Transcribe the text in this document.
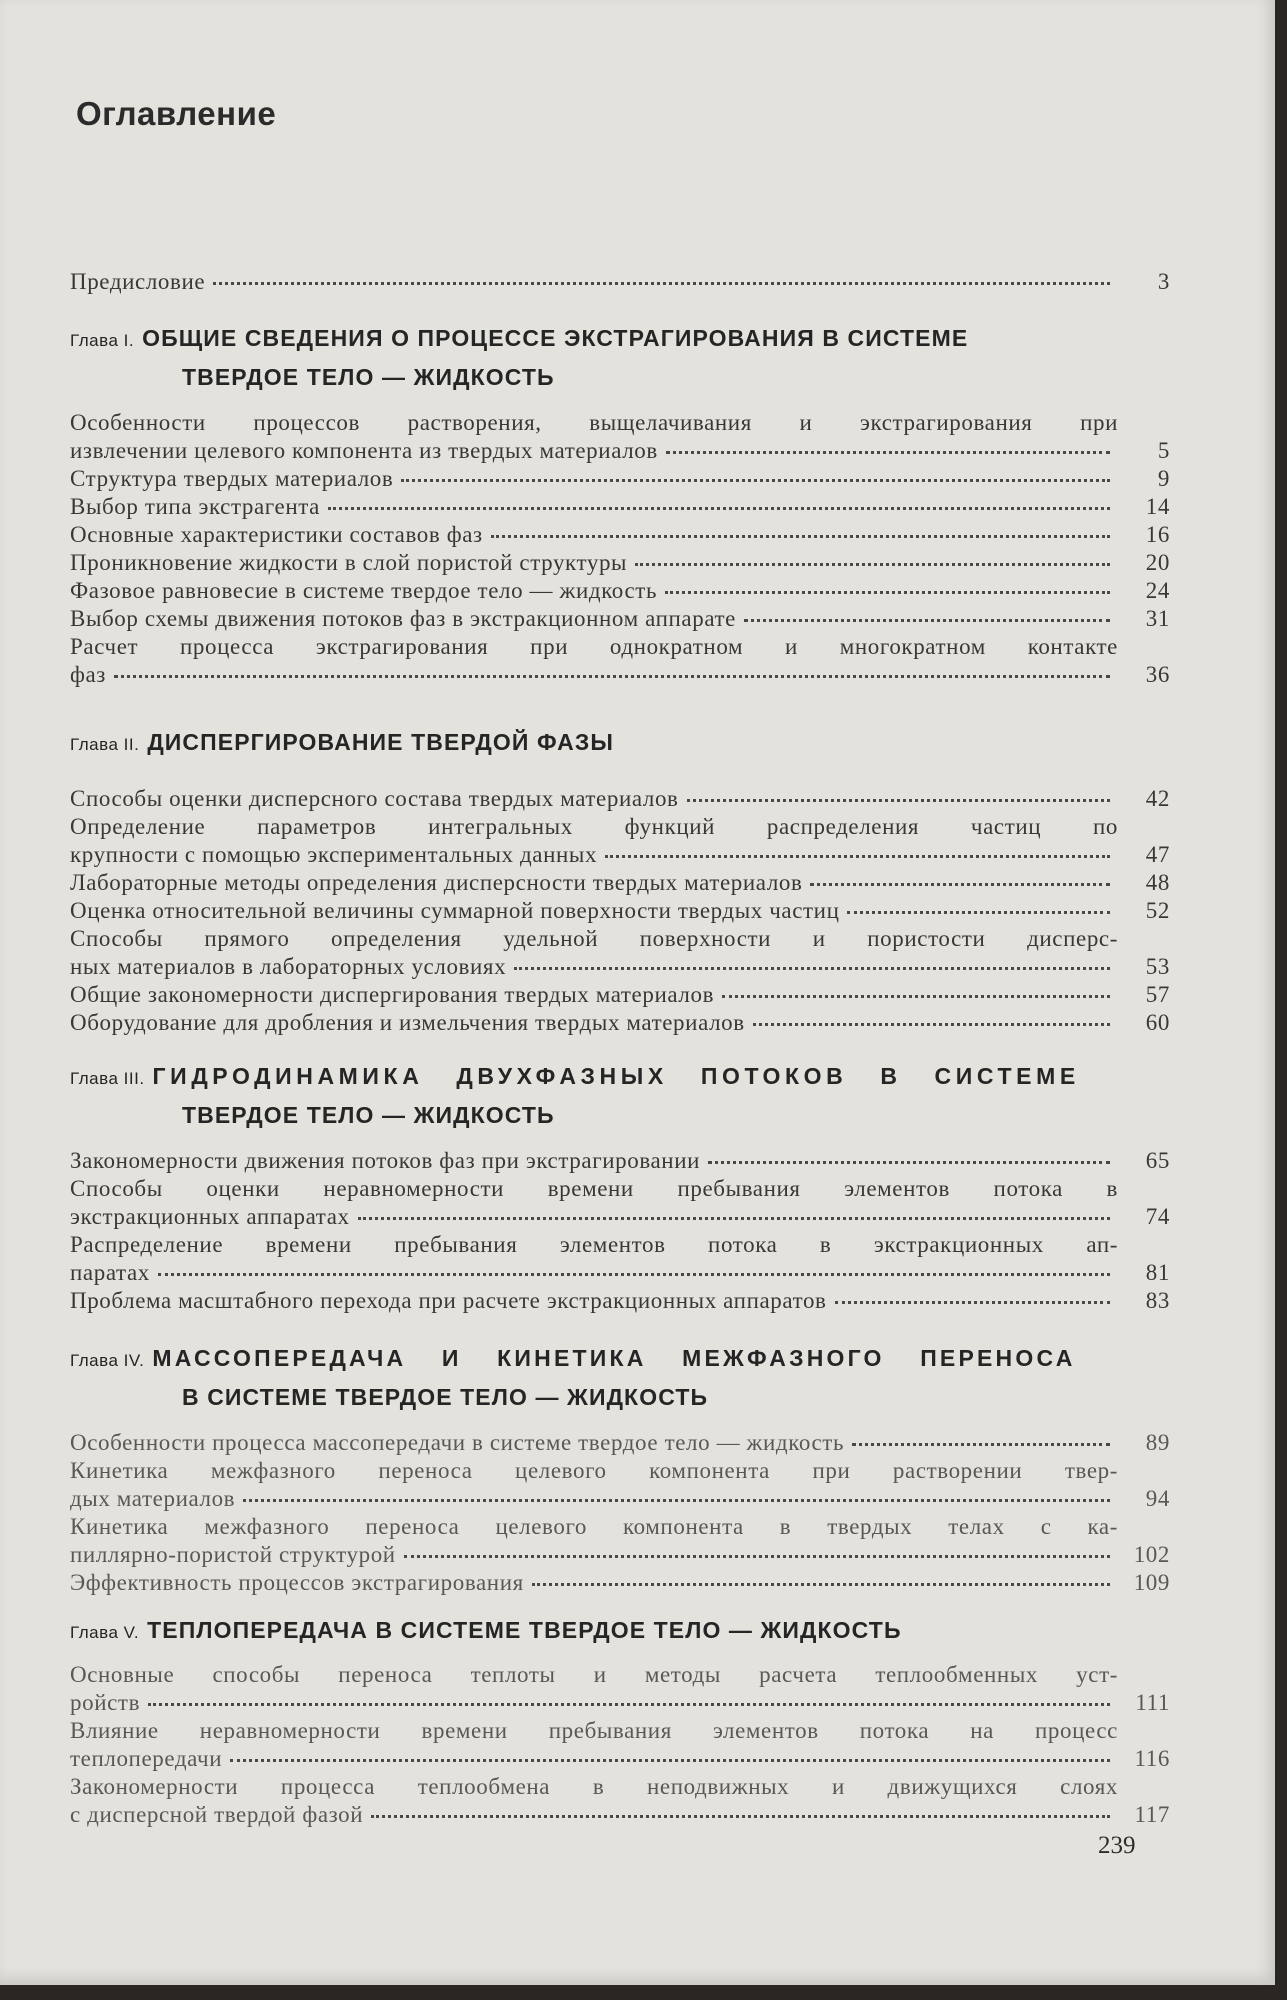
Оглавление
Предисловие	3
Глава I. ОБЩИЕ СВЕДЕНИЯ О ПРОЦЕССЕ ЭКСТРАГИРОВАНИЯ В СИСТЕМЕ
ТВЕРДОЕ ТЕЛО — ЖИДКОСТЬ
Особенности процессов растворения, выщелачивания и экстрагирования при
извлечении целевого компонента из твердых материалов	5
Структура твердых материалов	9
Выбор типа экстрагента	14
Основные характеристики составов фаз	16
Проникновение жидкости в слой пористой структуры	20
Фазовое равновесие в системе твердое тело — жидкость	24
Выбор схемы движения потоков фаз в экстракционном аппарате	31
Расчет процесса экстрагирования при однократном и многократном контакте
фаз	36
Глава II. ДИСПЕРГИРОВАНИЕ ТВЕРДОЙ ФАЗЫ
Способы оценки дисперсного состава твердых материалов	42
Определение параметров интегральных функций распределения частиц по
крупности с помощью экспериментальных данных	47
Лабораторные методы определения дисперсности твердых материалов	48
Оценка относительной величины суммарной поверхности твердых частиц	52
Способы прямого определения удельной поверхности и пористости дисперс-
ных материалов в лабораторных условиях	53
Общие закономерности диспергирования твердых материалов	57
Оборудование для дробления и измельчения твердых материалов	60
Глава III. ГИДРОДИНАМИКА ДВУХФАЗНЫХ ПОТОКОВ В СИСТЕМЕ
ТВЕРДОЕ ТЕЛО — ЖИДКОСТЬ
Закономерности движения потоков фаз при экстрагировании	65
Способы оценки неравномерности времени пребывания элементов потока в
экстракционных аппаратах	74
Распределение времени пребывания элементов потока в экстракционных ап-
паратах	81
Проблема масштабного перехода при расчете экстракционных аппаратов	83
Глава IV. МАССОПЕРЕДАЧА И КИНЕТИКА МЕЖФАЗНОГО ПЕРЕНОСА
В СИСТЕМЕ ТВЕРДОЕ ТЕЛО — ЖИДКОСТЬ
Особенности процесса массопередачи в системе твердое тело — жидкость	89
Кинетика межфазного переноса целевого компонента при растворении твер-
дых материалов	94
Кинетика межфазного переноса целевого компонента в твердых телах с ка-
пиллярно-пористой структурой	102
Эффективность процессов экстрагирования	109
Глава V. ТЕПЛОПЕРЕДАЧА В СИСТЕМЕ ТВЕРДОЕ ТЕЛО — ЖИДКОСТЬ
Основные способы переноса теплоты и методы расчета теплообменных уст-
ройств	111
Влияние неравномерности времени пребывания элементов потока на процесс
теплопередачи	116
Закономерности процесса теплообмена в неподвижных и движущихся слоях
с дисперсной твердой фазой	117
239
